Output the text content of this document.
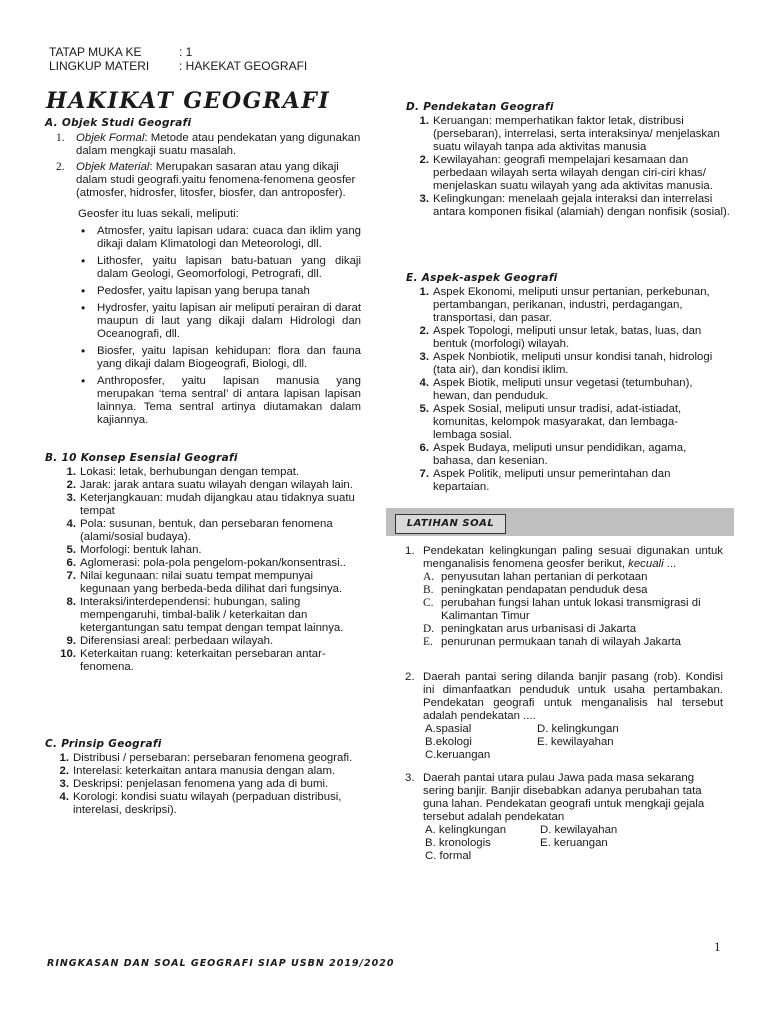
TATAP MUKA KE	: 1
LINGKUP MATERI : HAKEKAT GEOGRAFI
HAKIKAT GEOGRAFI
A. Objek Studi Geografi
1.	Objek Formal: Metode atau pendekatan yang digunakan dalam mengkaji suatu masalah.
2.	Objek Material: Merupakan sasaran atau yang dikaji dalam studi geografi.yaitu fenomena-fenomena geosfer (atmosfer, hidrosfer, litosfer, biosfer, dan antroposfer).
Geosfer itu luas sekali, meliputi:
• Atmosfer, yaitu lapisan udara: cuaca dan iklim yang dikaji dalam Klimatologi dan Meteorologi, dll.
• Lithosfer, yaitu lapisan batu-batuan yang dikaji dalam Geologi, Geomorfologi, Petrografi, dll.
• Pedosfer, yaitu lapisan yang berupa tanah
• Hydrosfer, yaitu lapisan air meliputi perairan di darat maupun di laut yang dikaji dalam Hidrologi dan Oceanografi, dll.
• Biosfer, yaitu lapisan kehidupan: flora dan fauna yang dikaji dalam Biogeografi, Biologi, dll.
• Anthroposfer, yaitu lapisan manusia yang merupakan ‘tema sentral’ di antara lapisan lapisan lainnya. Tema sentral artinya diutamakan dalam kajiannya.
B. 10 Konsep Esensial Geografi
1. Lokasi: letak, berhubungan dengan tempat.
2. Jarak: jarak antara suatu wilayah dengan wilayah lain.
3. Keterjangkauan: mudah dijangkau atau tidaknya suatu tempat
4. Pola: susunan, bentuk, dan persebaran fenomena (alami/sosial budaya).
5. Morfologi: bentuk lahan.
6. Aglomerasi: pola-pola pengelom-pokan/konsentrasi..
7. Nilai kegunaan: nilai suatu tempat mempunyai kegunaan yang berbeda-beda dilihat dari fungsinya.
8. Interaksi/interdependensi: hubungan, saling mempengaruhi, timbal-balik / keterkaitan dan ketergantungan satu tempat dengan tempat lainnya.
9. Diferensiasi areal: perbedaan wilayah.
10. Keterkaitan ruang: keterkaitan persebaran antar-fenomena.
C. Prinsip Geografi
1. Distribusi / persebaran: persebaran fenomena geografi.
2. Interelasi: keterkaitan antara manusia dengan alam.
3. Deskripsi: penjelasan fenomena yang ada di bumi.
4. Korologi: kondisi suatu wilayah (perpaduan distribusi, interelasi, deskripsi).
D. Pendekatan Geografi
1. Keruangan: memperhatikan faktor letak, distribusi (persebaran), interrelasi, serta interaksinya/ menjelaskan suatu wilayah tanpa ada aktivitas manusia
2. Kewilayahan: geografi mempelajari kesamaan dan perbedaan wilayah serta wilayah dengan ciri-ciri khas/ menjelaskan suatu wilayah yang ada aktivitas manusia.
3. Kelingkungan: menelaah gejala interaksi dan interrelasi antara komponen fisikal (alamiah) dengan nonfisik (sosial).
E. Aspek-aspek Geografi
1. Aspek Ekonomi, meliputi unsur pertanian, perkebunan, pertambangan, perikanan, industri, perdagangan, transportasi, dan pasar.
2. Aspek Topologi, meliputi unsur letak, batas, luas, dan bentuk (morfologi) wilayah.
3. Aspek Nonbiotik, meliputi unsur kondisi tanah, hidrologi (tata air), dan kondisi iklim.
4. Aspek Biotik, meliputi unsur vegetasi (tetumbuhan), hewan, dan penduduk.
5. Aspek Sosial, meliputi unsur tradisi, adat-istiadat, komunitas, kelompok masyarakat, dan lembaga-lembaga sosial.
6. Aspek Budaya, meliputi unsur pendidikan, agama, bahasa, dan kesenian.
7. Aspek Politik, meliputi unsur pemerintahan dan kepartaian.
LATIHAN SOAL
1. Pendekatan kelingkungan paling sesuai digunakan untuk menganalisis fenomena geosfer berikut, kecuali ...
A. penyusutan lahan pertanian di perkotaan
B. peningkatan pendapatan penduduk desa
C. perubahan fungsi lahan untuk lokasi transmigrasi di Kalimantan Timur
D. peningkatan arus urbanisasi di Jakarta
E. penurunan permukaan tanah di wilayah Jakarta
2. Daerah pantai sering dilanda banjir pasang (rob). Kondisi ini dimanfaatkan penduduk untuk usaha pertambakan. Pendekatan geografi untuk menganalisis hal tersebut adalah pendekatan ....
A.spasial	D. kelingkungan
B.ekologi	E. kewilayahan
C.keruangan
3. Daerah pantai utara pulau Jawa pada masa sekarang sering banjir. Banjir disebabkan adanya perubahan tata guna lahan. Pendekatan geografi untuk mengkaji gejala tersebut adalah pendekatan
A. kelingkungan	D. kewilayahan
B. kronologis	E. keruangan
C. formal
1
RINGKASAN DAN SOAL GEOGRAFI SIAP USBN 2019/2020
